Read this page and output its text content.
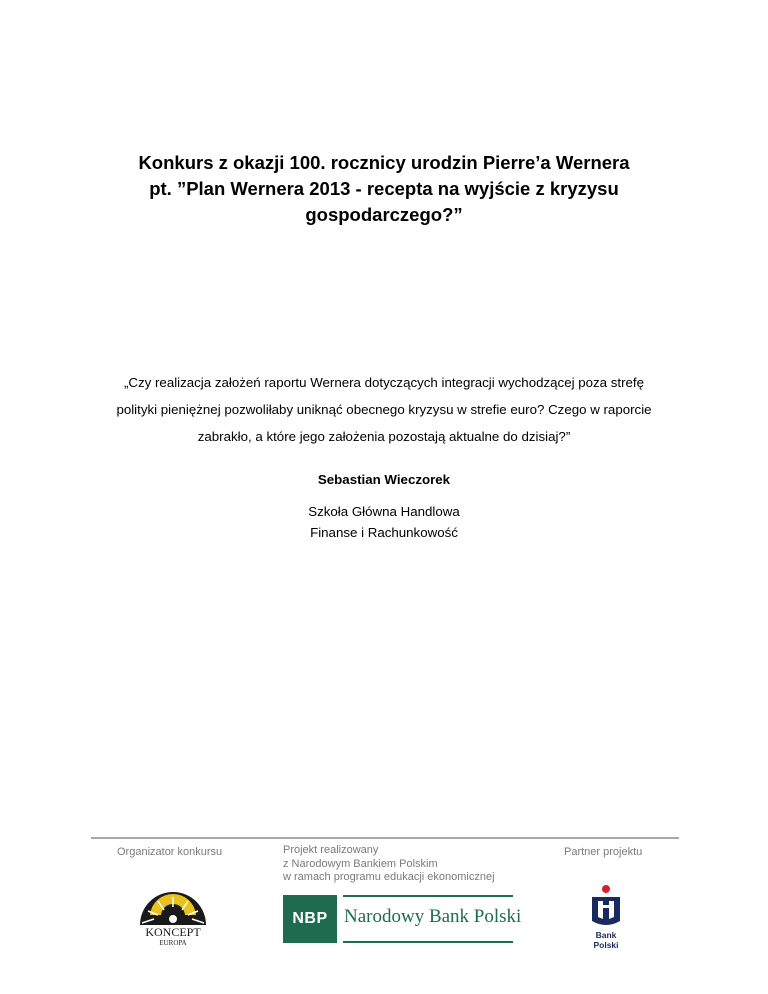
Konkurs z okazji 100. rocznicy urodzin Pierre’a Wernera
pt. ”Plan Wernera 2013 - recepta na wyjście z kryzysu
gospodarczego?”
„Czy realizacja założeń raportu Wernera dotyczących integracji wychodzącej poza strefę
polityki pieniężnej pozwoliłaby uniknąć obecnego kryzysu w strefie euro? Czego w raporcie
zabrakło, a które jego założenia pozostają aktualne do dzisiaj?”
Sebastian Wieczorek
Szkoła Główna Handlowa
Finanse i Rachunkowość
Organizator konkursu	Projekt realizowany
z Narodowym Bankiem Polskim
w ramach programu edukacji ekonomicznej
Partner projektu
KONCEPT
EUROPA
NBP Narodowy Bank Polski
Bank Polski
